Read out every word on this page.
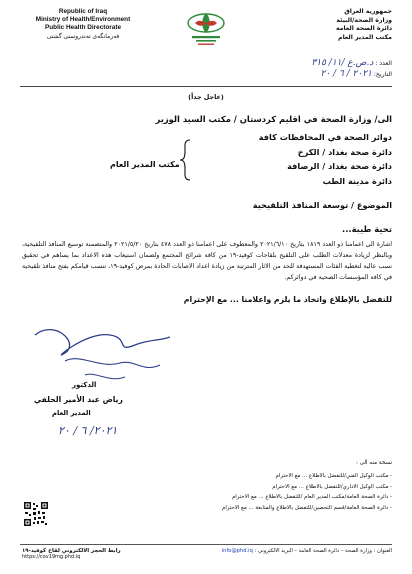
Republic of Iraq
Ministry of Health/Environment
Public Health Directorate
فەرمانگەی تەندروستی گشتی
جمهورية العراق
وزارة الصحة/البيئة
دائرة الصحة العامة
مكتب المدير العام
العدد : د.ص.ع /١١/ ٣١٥
التاريخ: ٢٠٢١ / ٦ / ٢٠
(عاجل جداً)
الى/ وزارة الصحة في اقليم كردستان / مكتب السيد الوزير
دوائر الصحة في المحافظات كافة
دائرة صحة بغداد / الكرخ
دائرة صحة بغداد / الرصافة
دائرة مدينة الطب
مكتب المدير العام
الموضوع / توسعة المنافذ التلقيحية
تحية طيبة...
اشارة الى اعمامنا ذو العدد ١٨١٩ بتاريخ ٢٠٢١/٦/١٠ والمعطوف على اعمامنا ذو العدد ٤٧٨ بتاريخ ٢٠٢١/٥/٢٠ والمتضمنة توسيع المنافذ التلقيحية، وبالنظر لزيادة معدلات الطلب على التلقيح بلقاحات كوفيد-١٩ من كافة شرائح المجتمع ولضمان استيعاب هذه الاعداد بما يساهم في تحقيق نسب عالية لتغطية الفئات المستهدفة للحد من الاثار المترتبة من زيادة اعداد الاصابات الحادة بمرض كوفيد-١٩، تنسب قيامكم بفتح منافذ تلقيحية في كافة المؤسسات الصحية في دوائركم.
للتفضل بالإطلاع واتخاذ ما يلزم واعلامنا ... مع الإحترام
الدكتور
رياض عبد الأمير الحلفي
المدير العام
٢٠٢١/ ٦ / ٢٠
نسخة منه الى :
- مكتب الوكيل الفني/للتفضل بالاطلاع ... مع الاحترام
- مكتب الوكيل الاداري/للتفضل بالاطلاع ... مع الاحترام
- دائرة الصحة العامة/مكتب المدير العام /للتفضل بالاطلاع ... مع الاحترام
- دائرة الصحة العامة/قسم التحصين/للتفضل بالاطلاع والمتابعة ... مع الاحترام
رابط الحجز الالكتروني لقاح كوفيد-١٩
https://cov19mg.phd.iq
العنوان : وزارة الصحة – دائرة الصحة العامة – البريد الالكتروني : info@phd.iq
